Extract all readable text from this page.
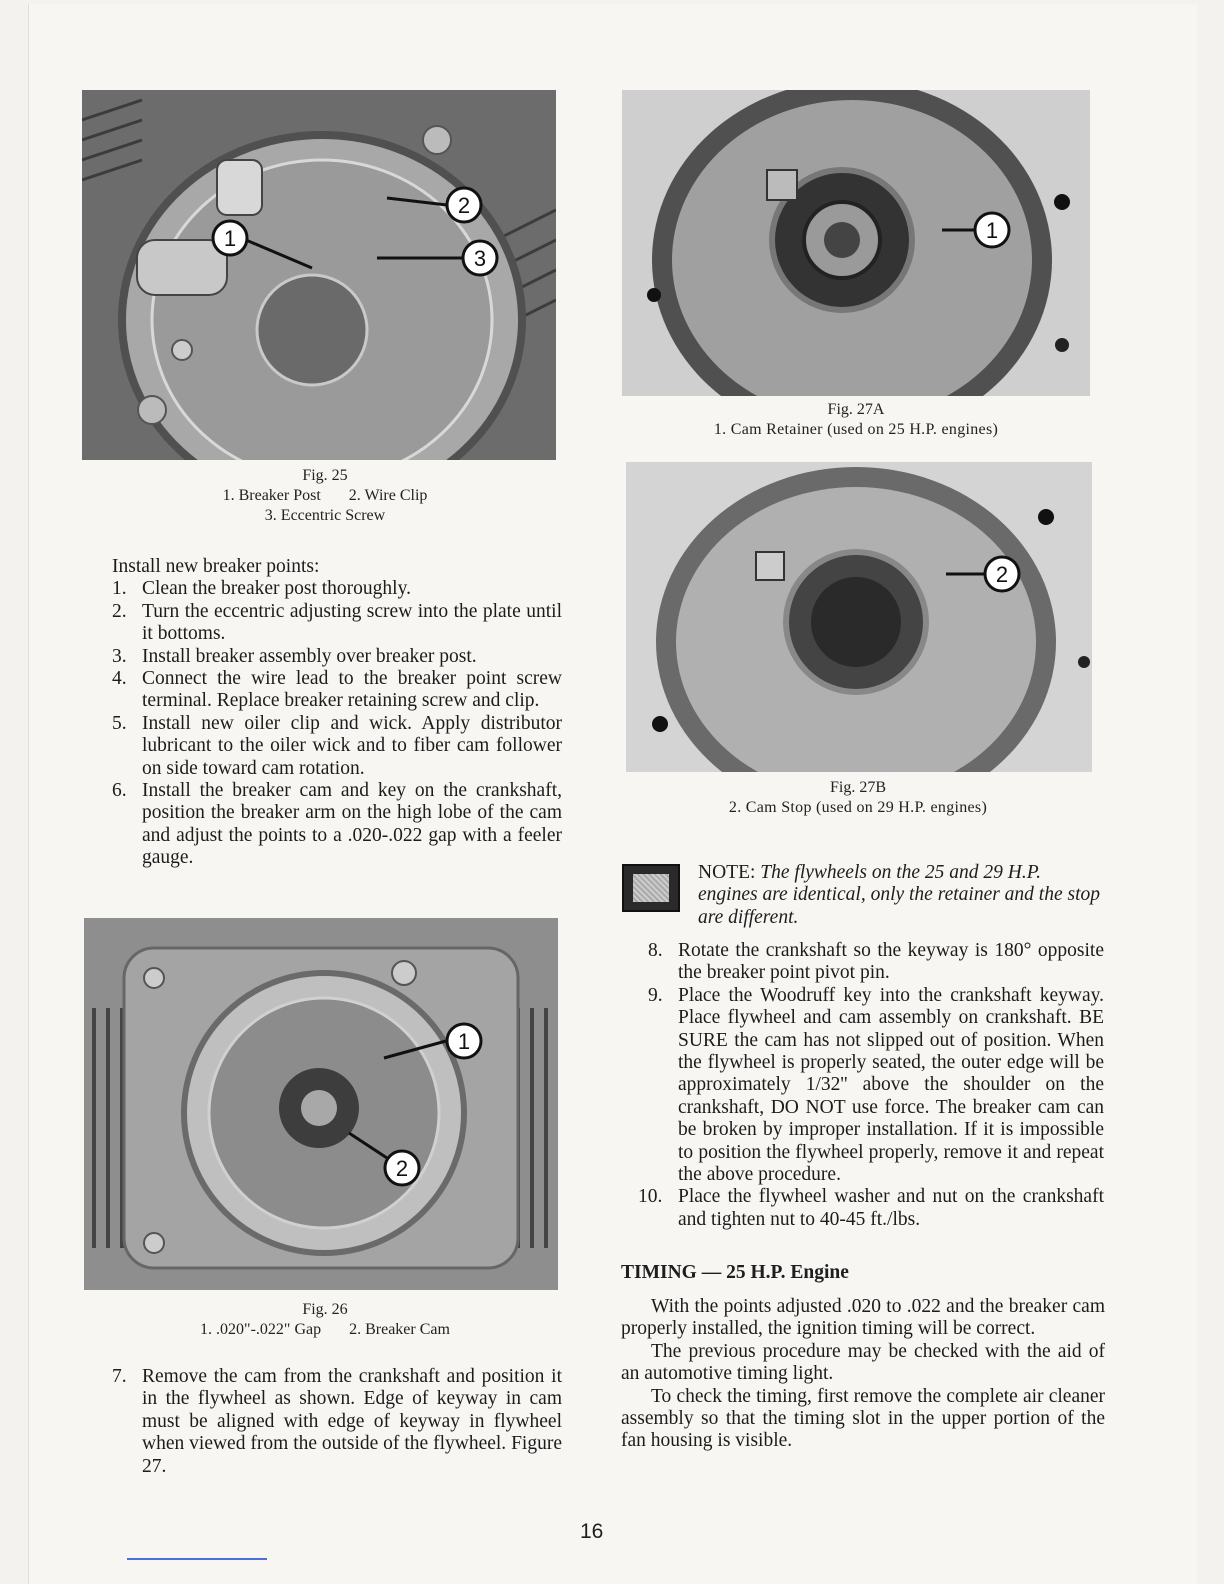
1
2
3
Fig. 25
1. Breaker Post 2. Wire Clip
3. Eccentric Screw
1
Fig. 27A
1. Cam Retainer (used on 25 H.P. engines)
2
Fig. 27B
2. Cam Stop (used on 29 H.P. engines)

Install new breaker points:

1. Clean the breaker post thoroughly.
2. Turn the eccentric adjusting screw into the plate until it bottoms.
3. Install breaker assembly over breaker post.
4. Connect the wire lead to the breaker point screw terminal. Replace breaker retaining screw and clip.
5. Install new oiler clip and wick. Apply distributor lubricant to the oiler wick and to fiber cam follower on side toward cam rotation.
6. Install the breaker cam and key on the crankshaft, position the breaker arm on the high lobe of the cam and adjust the points to a .020-.022 gap with a feeler gauge.
1
2
Fig. 26
1. .020"-.022" Gap 2. Breaker Cam
7. Remove the cam from the crankshaft and position it in the flywheel as shown. Edge of keyway in cam must be aligned with edge of keyway in flywheel when viewed from the outside of the flywheel. Figure 27.
NOTE: The flywheels on the 25 and 29 H.P. engines are identical, only the retainer and the stop are different.
8. Rotate the crankshaft so the keyway is 180° opposite the breaker point pivot pin.
9. Place the Woodruff key into the crankshaft keyway. Place flywheel and cam assembly on crankshaft. BE SURE the cam has not slipped out of position. When the flywheel is properly seated, the outer edge will be approximately 1/32'' above the shoulder on the crankshaft, DO NOT use force. The breaker cam can be broken by improper installation. If it is impossible to position the flywheel properly, remove it and repeat the above procedure.
10. Place the flywheel washer and nut on the crankshaft and tighten nut to 40-45 ft./lbs.
TIMING — 25 H.P. Engine

With the points adjusted .020 to .022 and the breaker cam properly installed, the ignition timing will be correct.

The previous procedure may be checked with the aid of an automotive timing light.

To check the timing, first remove the complete air cleaner assembly so that the timing slot in the upper portion of the fan housing is visible.

16
